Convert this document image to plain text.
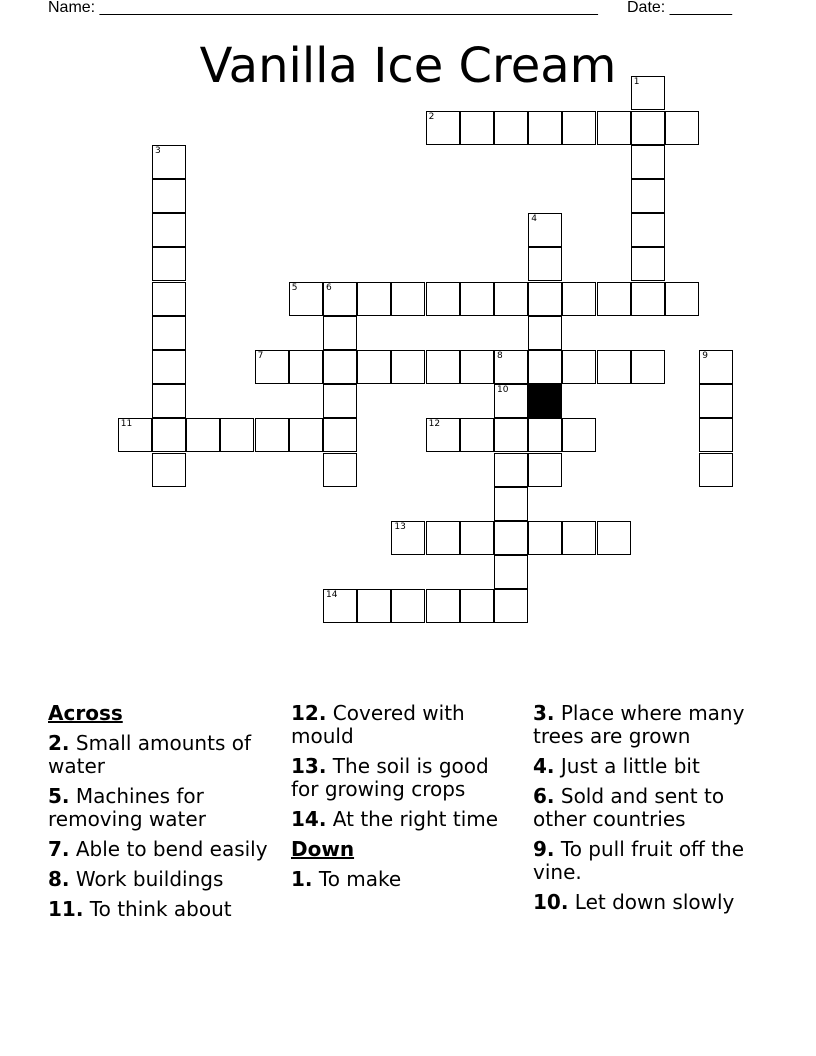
Name: ________________________________________________________ Date: _______
Vanilla Ice Cream
2
1
3
4
5	6
7	8	9
11	12
10
13
14
Across
2. Small amounts of water
5. Machines for removing water
7. Able to bend easily
8. Work buildings
11. To think about
12. Covered with mould
13. The soil is good for growing crops
14. At the right time
Down
1. To make
3. Place where many trees are grown
4. Just a little bit
6. Sold and sent to other countries
9. To pull fruit off the vine.
10. Let down slowly
